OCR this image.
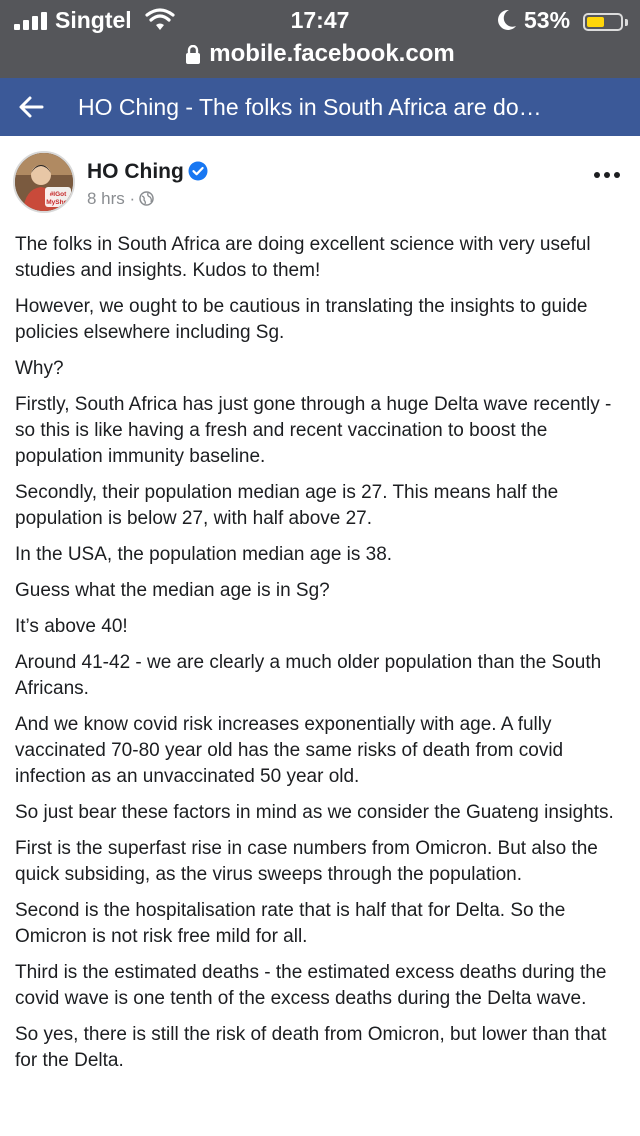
Singtel	17:47	53%
mobile.facebook.com
HO Ching - The folks in South Africa are do…
#IGot
MyShot
HO Ching
8 hrs ·

The folks in South Africa are doing excellent science with very useful studies and insights. Kudos to them!

However, we ought to be cautious in translating the insights to guide policies elsewhere including Sg.

Why?

Firstly, South Africa has just gone through a huge Delta wave recently - so this is like having a fresh and recent vaccination to boost the population immunity baseline.

Secondly, their population median age is 27. This means half the population is below 27, with half above 27.

In the USA, the population median age is 38.

Guess what the median age is in Sg?

It’s above 40!

Around 41-42 - we are clearly a much older population than the South Africans.

And we know covid risk increases exponentially with age. A fully vaccinated 70-80 year old has the same risks of death from covid infection as an unvaccinated 50 year old.

So just bear these factors in mind as we consider the Guateng insights.

First is the superfast rise in case numbers from Omicron. But also the quick subsiding, as the virus sweeps through the population.

Second is the hospitalisation rate that is half that for Delta. So the Omicron is not risk free mild for all.

Third is the estimated deaths - the estimated excess deaths during the covid wave is one tenth of the excess deaths during the Delta wave.

So yes, there is still the risk of death from Omicron, but lower than that for the Delta.
